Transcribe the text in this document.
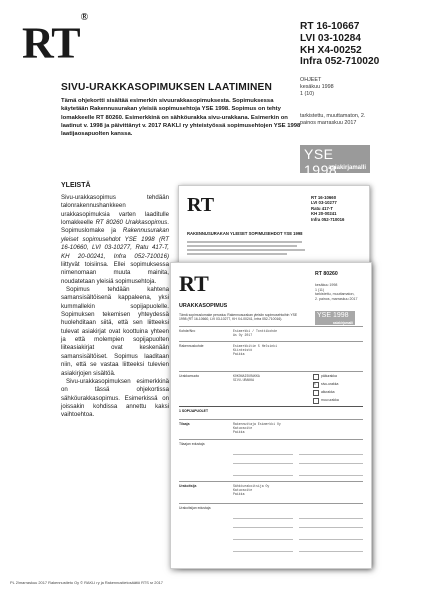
RT®
RT 16-10667
LVI 03-10284
KH X4-00252
Infra 052-710020
SIVU-URAKKASOPIMUKSEN LAATIMINEN
OHJEET
kesäkuu 1998
1 (10)
Tämä ohjekortti sisältää esimerkin sivuurakkasopimuksesta. Sopimuksessa käytetään Rakennusurakan yleisiä sopimusehtoja YSE 1998. Sopimus on tehty lomakkeelle RT 80260. Esimerkkinä on sähköurakka sivu-urakkana. Esimerkin on laatinut v. 1998 ja päivittänyt v. 2017 RAKLI ry yhteistyössä sopimusehtojen YSE 1998 laatijaosapuolten kanssa.
tarkistettu, muuttamaton, 2. painos marraskuu 2017
YSE 1998
asiakirjamalli
YLEISTÄ

Sivu-urakkasopimus tehdään talonrakennushankkeen urakkasopimuksia varten laaditulle lomakkeelle RT 80260 Urakkasopimus. Sopimuslomake ja Rakennusurakan yleiset sopimusehdot YSE 1998 (RT 16-10660, LVI 03-10277, Ratu 417-T, KH 20-00241, Infra 052-710016) liittyvät toisiinsa. Ellei sopimuksessa nimenomaan muuta mainita, noudatetaan yleisiä sopimusehtoja.

Sopimus tehdään kahtena samansisältöisenä kappaleena, yksi kummallekin sopijapuolelle. Sopimuksen tekemisen yhteydessä huolehditaan siitä, että sen liitteeksi tulevat asiakirjat ovat koottuina yhteen ja että molempien sopijapuolten liiteasiakirjat ovat keskenään samansisältöiset. Sopimus laaditaan niin, että se vastaa liitteeksi tulevien asiakirjojen sisältöä.

Sivu-urakkasopimuksen esimerkkinä on tässä ohjekortissa sähköurakkasopimus. Esimerkissä on joissakin kohdissa annettu kaksi vaihtoehtoa.

RT	RT 16-10660
LVI 03-10277
Ratu 417-T
KH 20-00241
Infra 052-710016
RAKENNUSURAKAN YLEISET SOPIMUSEHDOT YSE 1998
RT	RT 80260
kesäkuu 1998
1 (11)
tarkistettu, muuttamaton,
2. painos, marraskuu 2017
YSE 1998
asiakirjamalli
URAKKASOPIMUS
Tämä sopimuslomake perustuu Rakennusurakan yleisiin sopimusehtoihin YSE 1998 (RT 16-10660, LVI 03-10277, KH X4-00241, Infra 052-710016).
Kohde/Nro	Esimerkki / Tonttikohde
As Oy 2017
Rakennuskohde	Esimerkkitie 5 Helsinki
Kiinteistö
Paikka
Urakkamuoto	KOKONAISURAKKA
SIVU-URAKKA
pääurakka
× sivu-urakka
aliurakka
muu urakka
1 SOPIJAPUOLET
Tilaaja	Rakennuttaja Esimerkki Oy
Katuosoite
Paikka
Tilaajan edustaja
Urakoitsija	Sähköurakoitsija Oy
Katuosoite
Paikka
Urakoitsijan edustaja
PL 2/marraskuu 2017 Rakennustieto Oy © RAKLI ry ja Rakennustietosäätiö RTS sr 2017
